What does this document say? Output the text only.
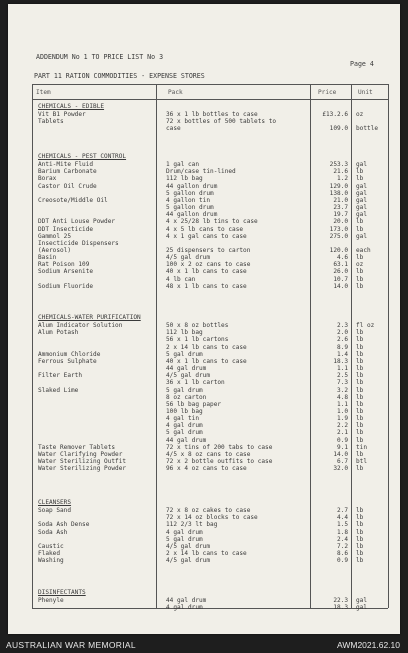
ADDENDUM No 1 TO PRICE LIST No 3
Page 4
PART 11 RATION COMMODITIES - EXPENSE STORES
Item	Pack	Price	Unit
CHEMICALS - EDIBLE
Vit B1 Powder	36 x 1 lb bottles to case	£13.2.6 oz
Tablets	72 x bottles of 500 tablets to
case	109.0 bottle
CHEMICALS - PEST CONTROL
Anti-Mite Fluid	1 gal can	253.3 gal
Barium Carbonate	Drum/case tin-lined	21.6 lb
Borax	112 lb bag	1.2 lb
Castor Oil Crude	44 gallon drum	129.0 gal
5 gallon drum	138.0 gal
Creosote/Middle Oil	4 gallon tin	21.0 gal
5 gallon drum	23.7 gal
44 gallon drum	19.7 gal
DDT Anti Louse Powder	4 x 25/28 lb tins to case	20.0 lb
DDT Insecticide	4 x 5 lb cans to case	173.0 lb
Gammol 25	4 x 1 gal cans to case	275.0 gal
Insecticide Dispensers
(Aerosol)	25 dispensers to carton	120.0 each
Basin	4/5 gal drum	4.6 lb
Rat Poison 109	100 x 2 oz cans to case	63.1 oz
Sodium Arsenite	40 x 1 lb cans to case	26.0 lb
4 lb can	10.7 lb
Sodium Fluoride	48 x 1 lb cans to case	14.0 lb
CHEMICALS-WATER PURIFICATION
Alum Indicator Solution	50 x 8 oz bottles	2.3 fl oz
Alum Potash	112 lb bag	2.0 lb
56 x 1 lb cartons	2.6 lb
2 x 14 lb cans to case	8.9 lb
Ammonium Chloride	5 gal drum	1.4 lb
Ferrous Sulphate	40 x 1 lb cans to case	18.3 lb
44 gal drum	1.1 lb
Filter Earth	4/5 gal drum	2.5 lb
36 x 1 lb carton	7.3 lb
Slaked Lime	5 gal drum	3.2 lb
8 oz carton	4.8 lb
56 lb bag paper	1.1 lb
100 lb bag	1.0 lb
4 gal tin	1.9 lb
4 gal drum	2.2 lb
5 gal drum	2.1 lb
44 gal drum	0.9 lb
Taste Remover Tablets	72 x tins of 200 tabs to case	9.1 tin
Water Clarifying Powder	4/5 x 8 oz cans to case	14.0 lb
Water Sterilizing Outfit	72 x 2 bottle outfits to case	6.7 btl
Water Sterilizing Powder	96 x 4 oz cans to case	32.0 lb
CLEANSERS
Soap Sand	72 x 8 oz cakes to case	2.7 lb
72 x 14 oz blocks to case	4.4 lb
Soda Ash Dense	112 2/3 lt bag	1.5 lb
Soda Ash	4 gal drum	1.8 lb
5 gal drum	2.4 lb
Caustic	4/5 gal drum	7.2 lb
Flaked	2 x 14 lb cans to case	8.6 lb
Washing	4/5 gal drum	0.9 lb
DISINFECTANTS
Phenyle	44 gal drum	22.3 gal
4 gal drum	18.3 gal
AUSTRALIAN WAR MEMORIAL	AWM2021.62.10
